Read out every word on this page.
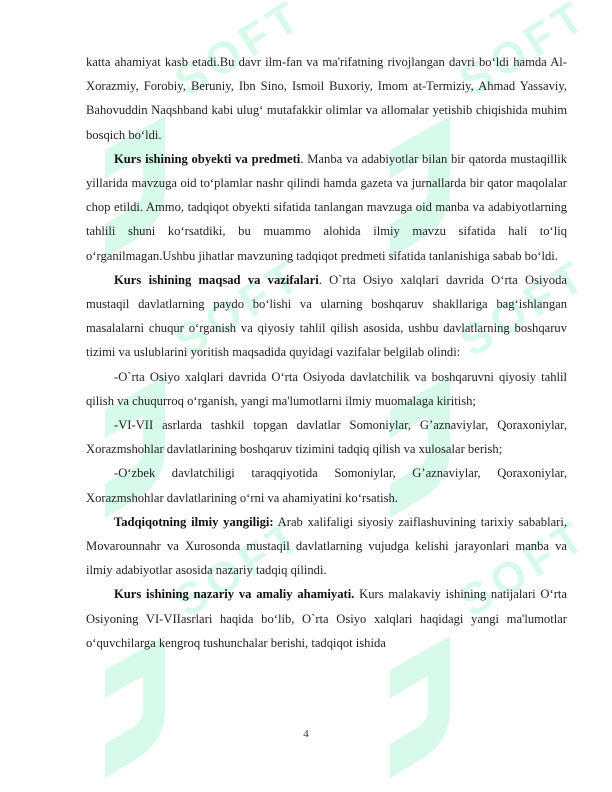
katta ahamiyat kasb etadi.Bu davr ilm-fan va ma'rifatning rivojlangan davri bo‘ldi hamda Al-Xorazmiy, Forobiy, Beruniy, Ibn Sino, Ismoil Buxoriy, Imom at-Termiziy, Ahmad Yassaviy, Bahovuddin Naqshband kabi ulug‘ mutafakkir olimlar va allomalar yetishib chiqishida muhim bosqich bo‘ldi.

Kurs ishining obyekti va predmeti. Manba va adabiyotlar bilan bir qatorda mustaqillik yillarida mavzuga oid to‘plamlar nashr qilindi hamda gazeta va jurnallarda bir qator maqolalar chop etildi. Ammo, tadqiqot obyekti sifatida tanlangan mavzuga oid manba va adabiyotlarning tahlili shuni ko‘rsatdiki, bu muammo alohida ilmiy mavzu sifatida hali to‘liq o‘rganilmagan.Ushbu jihatlar mavzuning tadqiqot predmeti sifatida tanlanishiga sabab bo‘ldi.

Kurs ishining maqsad va vazifalari. O`rta Osiyo xalqlari davrida O‘rta Osiyoda mustaqil davlatlarning paydo bo‘lishi va ularning boshqaruv shakllariga bag‘ishlangan masalalarni chuqur o‘rganish va qiyosiy tahlil qilish asosida, ushbu davlatlarning boshqaruv tizimi va uslublarini yoritish maqsadida quyidagi vazifalar belgilab olindi:

-O`rta Osiyo xalqlari davrida O‘rta Osiyoda davlatchilik va boshqaruvni qiyosiy tahlil qilish va chuqurroq o‘rganish, yangi ma'lumotlarni ilmiy muomalaga kiritish;

-VI-VII asrlarda tashkil topgan davlatlar Somoniylar, G’aznaviylar, Qoraxoniylar, Xorazmshohlar davlatlarining boshqaruv tizimini tadqiq qilish va xulosalar berish;

-O‘zbek davlatchiligi taraqqiyotida Somoniylar, G’aznaviylar, Qoraxoniylar, Xorazmshohlar davlatlarining o‘rni va ahamiyatini ko‘rsatish.

Tadqiqotning ilmiy yangiligi: Arab xalifaligi siyosiy zaiflashuvining tarixiy sabablari, Movarounnahr va Xurosonda mustaqil davlatlarning vujudga kelishi jarayonlari manba va ilmiy adabiyotlar asosida nazariy tadqiq qilindi.

Kurs ishining nazariy va amaliy ahamiyati. Kurs malakaviy ishining natijalari O‘rta Osiyoning VI-VIIasrlari haqida bo‘lib, O`rta Osiyo xalqlari haqidagi yangi ma'lumotlar o‘quvchilarga kengroq tushunchalar berishi, tadqiqot ishida

4
